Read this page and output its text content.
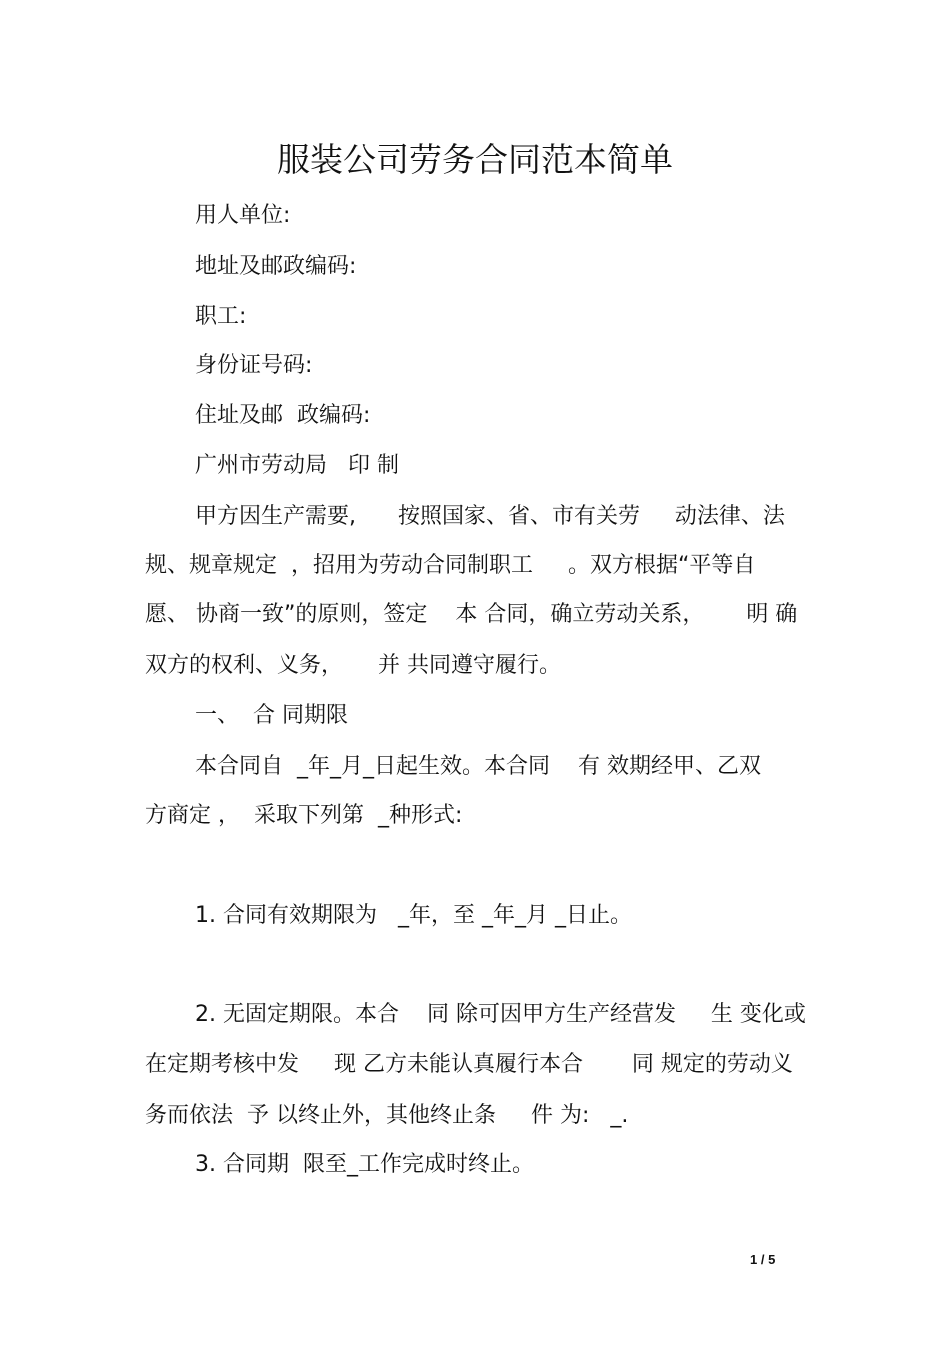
服装公司劳务合同范本简单

用人单位:

地址及邮政编码:

职工:

身份证号码:

住址及邮  政编码:

广州市劳动局   印 制

甲方因生产需要,      按照国家、省、市有关劳     动法律、法

规、规章规定  ，招用为劳动合同制职工     。双方根据“平等自

愿、 协商一致”的原则，签定    本 合同，确立劳动关系，      明 确

双方的权利、义务，     并 共同遵守履行。

一、  合 同期限

本合同自  _年_月_日起生效。本合同    有 效期经甲、乙双

方商定 ，  采取下列第  _种形式:

1. 合同有效期限为   _年，至 _年_月 _日止。

2. 无固定期限。本合    同 除可因甲方生产经营发     生 变化或

在定期考核中发     现 乙方未能认真履行本合       同 规定的劳动义

务而依法  予 以终止外，其他终止条     件 为:   _.

3. 合同期  限至_工作完成时终止。

1 / 5
